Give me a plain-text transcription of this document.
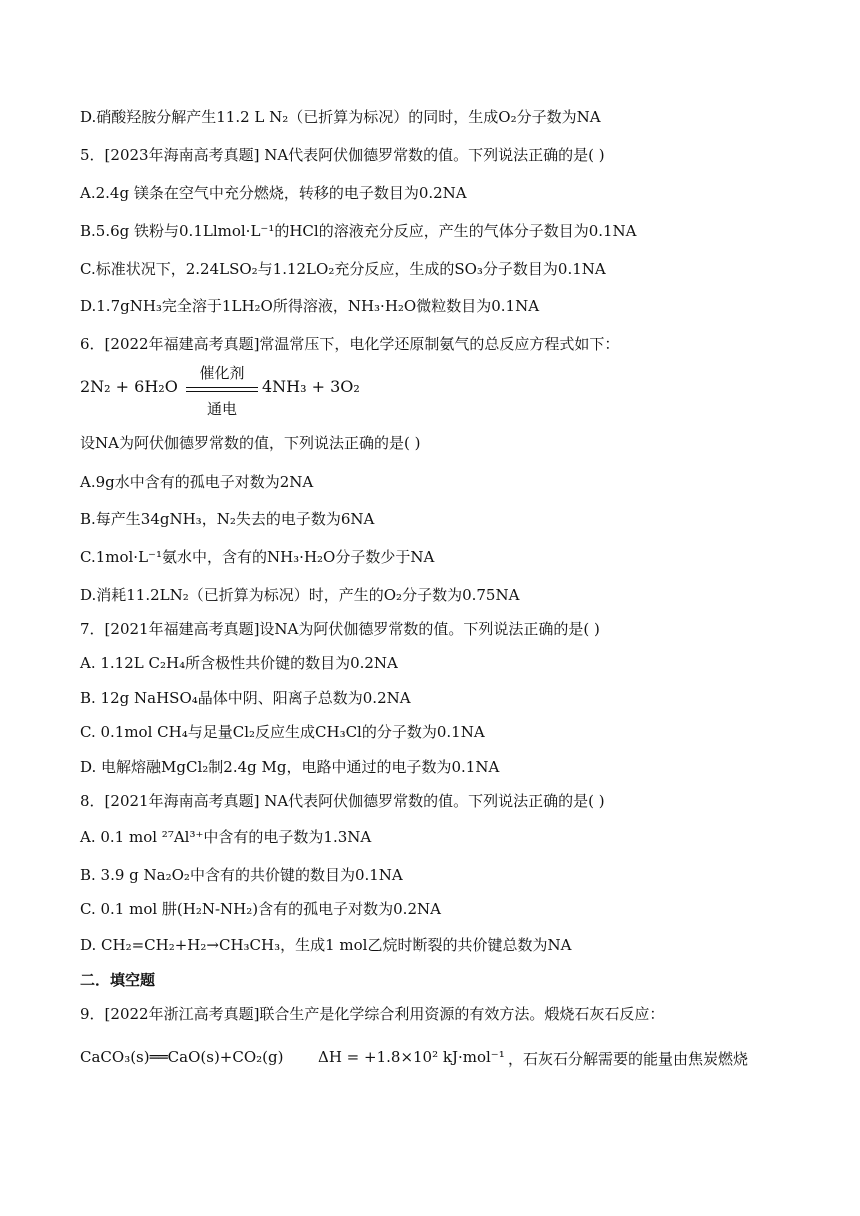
D.硝酸羟胺分解产生11.2 L N₂（已折算为标况）的同时，生成O₂分子数为NA
5．[2023年海南高考真题] NA代表阿伏伽德罗常数的值。下列说法正确的是( )
A.2.4g 镁条在空气中充分燃烧，转移的电子数目为0.2NA
B.5.6g 铁粉与0.1Llmol·L⁻¹的HCl的溶液充分反应，产生的气体分子数目为0.1NA
C.标准状况下，2.24LSO₂与1.12LO₂充分反应，生成的SO₃分子数目为0.1NA
D.1.7gNH₃完全溶于1LH₂O所得溶液，NH₃·H₂O微粒数目为0.1NA
6．[2022年福建高考真题]常温常压下，电化学还原制氨气的总反应方程式如下：
2N₂ + 6H₂O
催化剂
通电
4NH₃ + 3O₂
设NA为阿伏伽德罗常数的值，下列说法正确的是( )
A.9g水中含有的孤电子对数为2NA
B.每产生34gNH₃，N₂失去的电子数为6NA
C.1mol·L⁻¹氨水中，含有的NH₃·H₂O分子数少于NA
D.消耗11.2LN₂（已折算为标况）时，产生的O₂分子数为0.75NA
7．[2021年福建高考真题]设NA为阿伏伽德罗常数的值。下列说法正确的是( )
A. 1.12L C₂H₄所含极性共价键的数目为0.2NA
B. 12g NaHSO₄晶体中阴、阳离子总数为0.2NA
C. 0.1mol CH₄与足量Cl₂反应生成CH₃Cl的分子数为0.1NA
D. 电解熔融MgCl₂制2.4g Mg，电路中通过的电子数为0.1NA
8．[2021年海南高考真题] NA代表阿伏伽德罗常数的值。下列说法正确的是( )
A. 0.1 mol ²⁷Al³⁺中含有的电子数为1.3NA
B. 3.9 g Na₂O₂中含有的共价键的数目为0.1NA
C. 0.1 mol 肼(H₂N-NH₂)含有的孤电子对数为0.2NA
D. CH₂=CH₂+H₂→CH₃CH₃，生成1 mol乙烷时断裂的共价键总数为NA
二．填空题
9．[2022年浙江高考真题]联合生产是化学综合利用资源的有效方法。煅烧石灰石反应：
CaCO₃(s)══CaO(s)+CO₂(g) ΔH = +1.8×10² kJ·mol⁻¹ ，石灰石分解需要的能量由焦炭燃烧
